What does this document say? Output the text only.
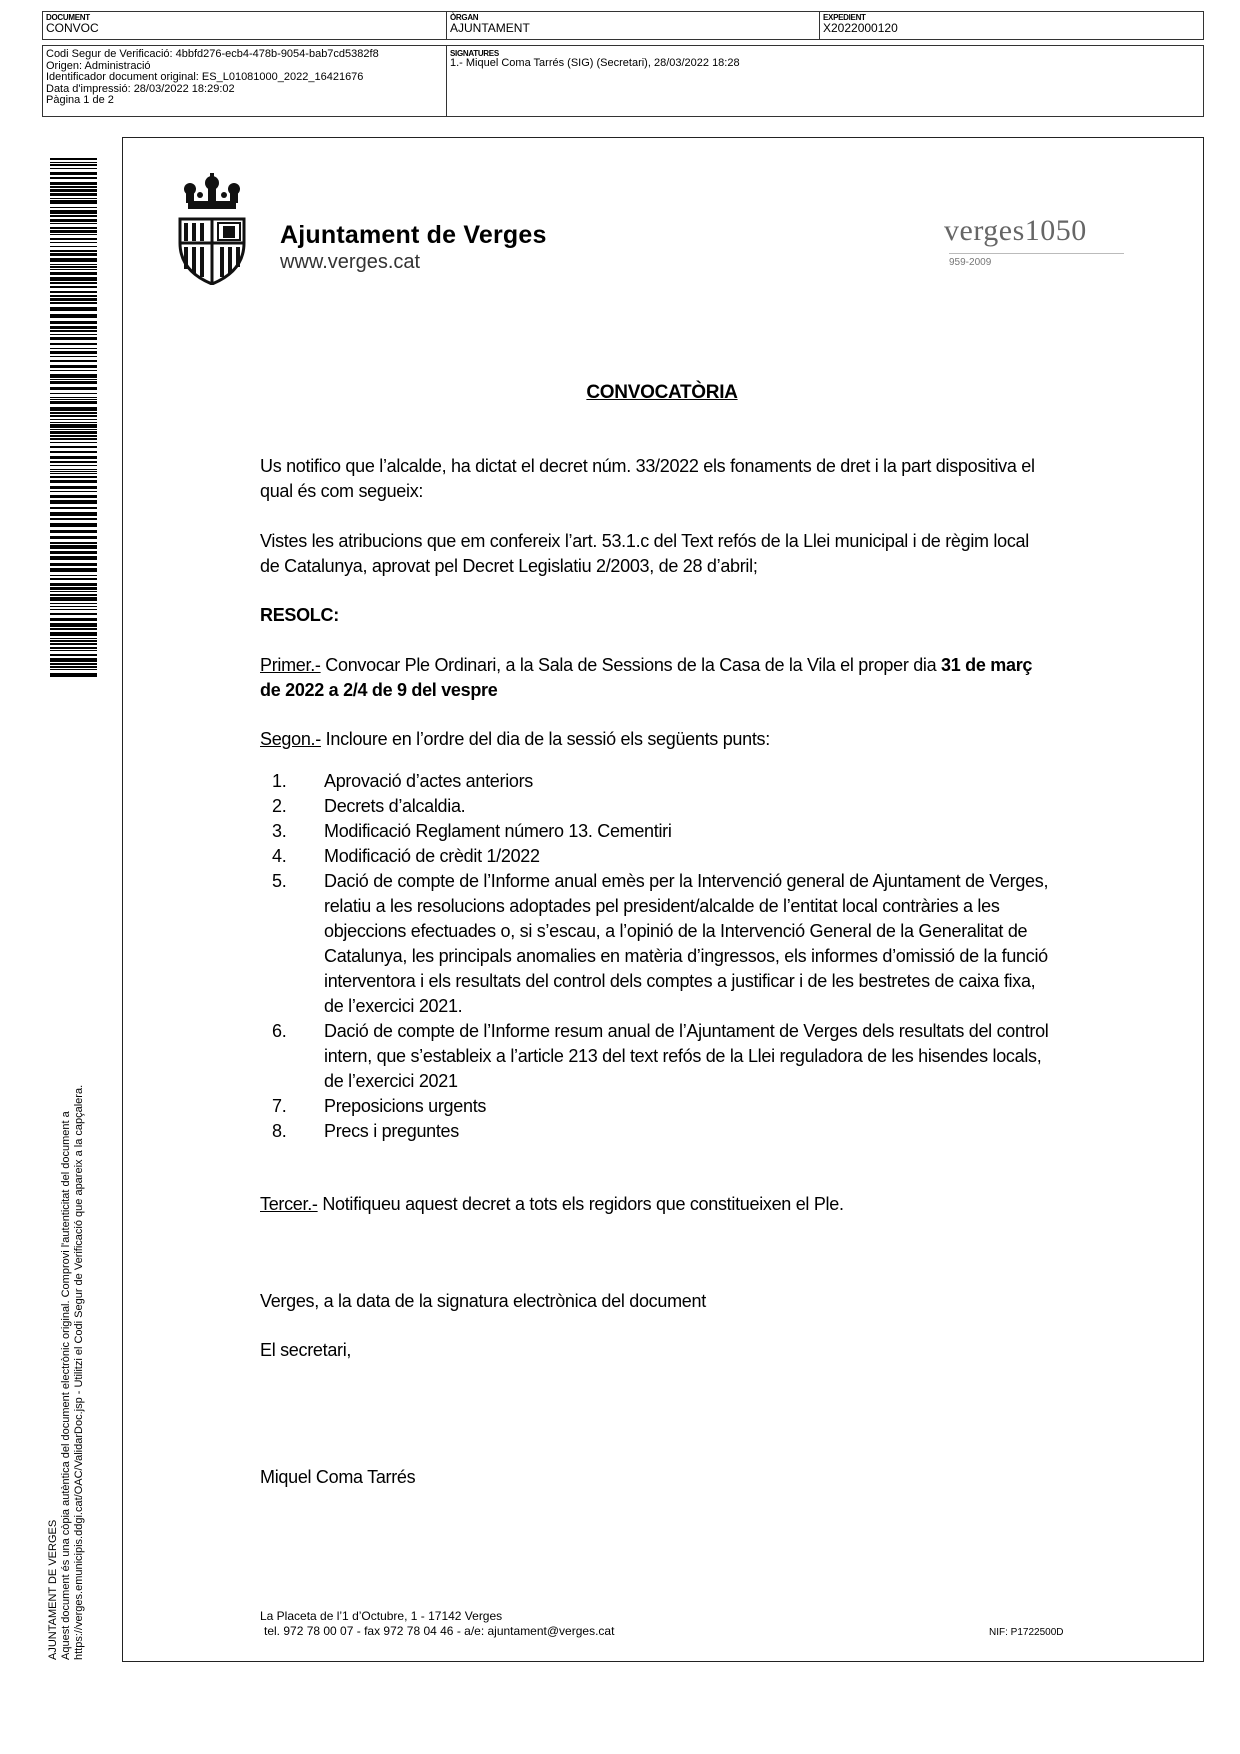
DOCUMENT
CONVOC
ÒRGAN
AJUNTAMENT
EXPEDIENT
X2022000120
Codi Segur de Verificació: 4bbfd276-ecb4-478b-9054-bab7cd5382f8
Origen: Administració
Identificador document original: ES_L01081000_2022_16421676
Data d'impressió: 28/03/2022 18:29:02
Pàgina 1 de 2
SIGNATURES
1.- Miquel Coma Tarrés (SIG) (Secretari), 28/03/2022 18:28
AJUNTAMENT DE VERGES Aquest document és una còpia autèntica del document electrònic original. Comprovi l'autenticitat del document a https://verges.emunicipis.ddgi.cat/OAC/ValidarDoc.jsp - Utilitzi el Codi Segur de Verificació que apareix a la capçalera.
Ajuntament de Verges
www.verges.cat
verges1050
959-2009
CONVOCATÒRIA
Us notifico que l’alcalde, ha dictat el decret núm. 33/2022 els fonaments de dret i la part dispositiva el
qual és com segueix:
Vistes les atribucions que em confereix l’art. 53.1.c del Text refós de la Llei municipal i de règim local
de Catalunya, aprovat pel Decret Legislatiu 2/2003, de 28 d’abril;
RESOLC:
Primer.- Convocar Ple Ordinari, a la Sala de Sessions de la Casa de la Vila el proper dia 31 de març
de 2022 a 2/4 de 9 del vespre
Segon.- Incloure en l’ordre del dia de la sessió els següents punts:
1. Aprovació d’actes anteriors
2. Decrets d’alcaldia.
3. Modificació Reglament número 13. Cementiri
4. Modificació de crèdit 1/2022
5. Dació de compte de l’Informe anual emès per la Intervenció general de Ajuntament de Verges,
relatiu a les resolucions adoptades pel president/alcalde de l’entitat local contràries a les
objeccions efectuades o, si s’escau, a l’opinió de la Intervenció General de la Generalitat de
Catalunya, les principals anomalies en matèria d’ingressos, els informes d’omissió de la funció
interventora i els resultats del control dels comptes a justificar i de les bestretes de caixa fixa,
de l’exercici 2021.
6. Dació de compte de l’Informe resum anual de l’Ajuntament de Verges dels resultats del control
intern, que s’estableix a l’article 213 del text refós de la Llei reguladora de les hisendes locals,
de l’exercici 2021
7. Preposicions urgents
8. Precs i preguntes
Tercer.- Notifiqueu aquest decret a tots els regidors que constitueixen el Ple.
Verges, a la data de la signatura electrònica del document
El secretari,
Miquel Coma Tarrés
La Placeta de l’1 d’Octubre, 1 - 17142 Verges
tel. 972 78 00 07 - fax 972 78 04 46 - a/e: ajuntament@verges.cat	NIF: P1722500D
